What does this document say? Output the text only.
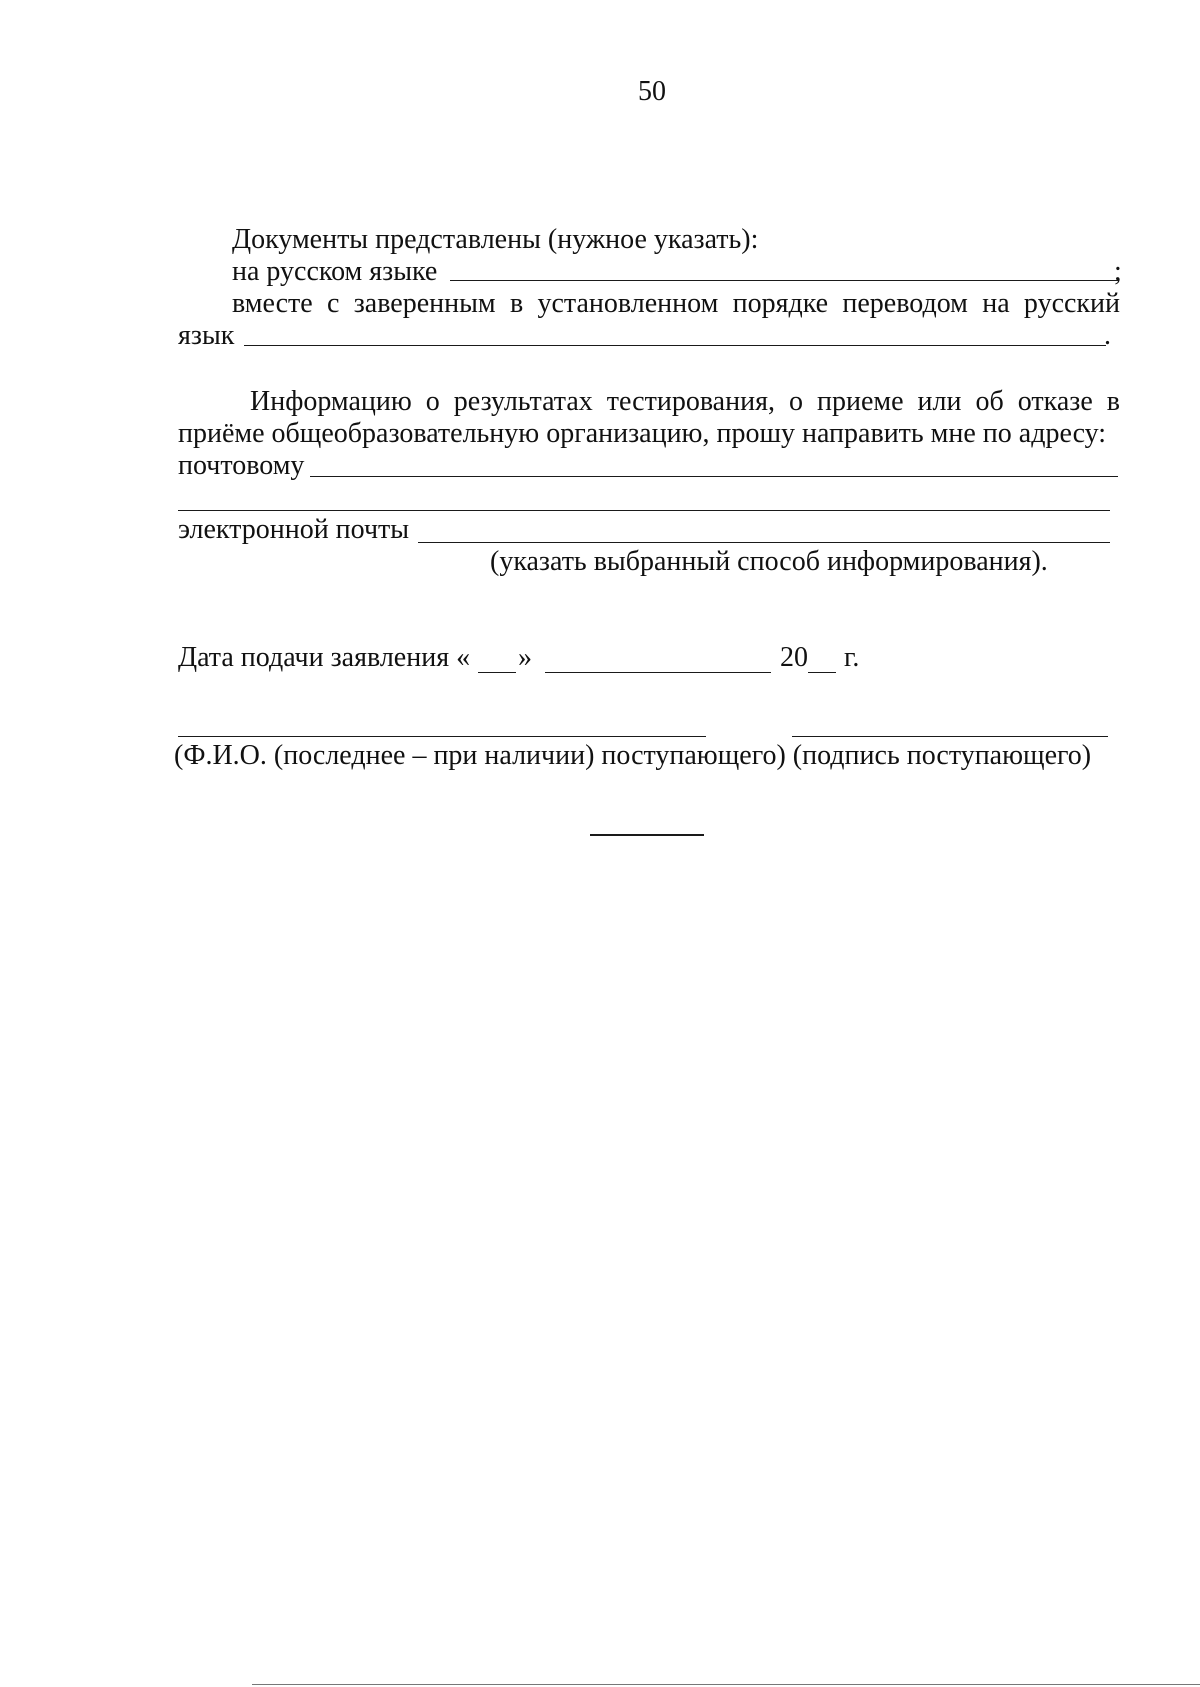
50
Документы представлены (нужное указать):
на русском языке	;
вместе с заверенным в установленном порядке переводом на русский
язык	.
Информацию о результатах тестирования, о приеме или об отказе в
приёме общеобразовательную организацию, прошу направить мне по адресу:
почтовому
электронной почты
(указать выбранный способ информирования).
Дата подачи заявления « »	20 г.
(Ф.И.О. (последнее – при наличии) поступающего) (подпись поступающего)
